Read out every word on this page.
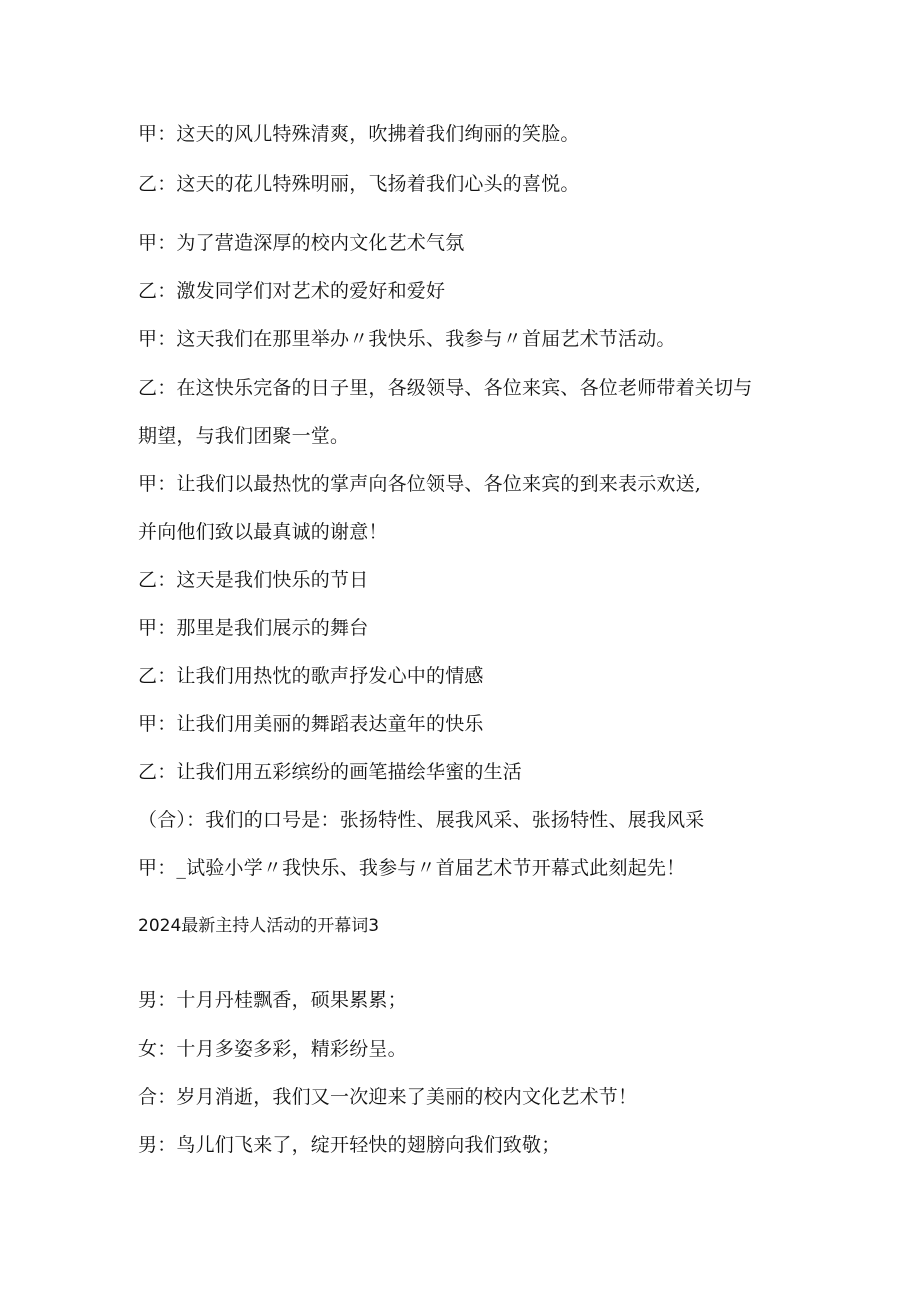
甲：这天的风儿特殊清爽，吹拂着我们绚丽的笑脸。
乙：这天的花儿特殊明丽，飞扬着我们心头的喜悦。
甲：为了营造深厚的校内文化艺术气氛
乙：激发同学们对艺术的爱好和爱好
甲：这天我们在那里举办〃我快乐、我参与〃首届艺术节活动。
乙：在这快乐完备的日子里，各级领导、各位来宾、各位老师带着关切与
期望，与我们团聚一堂。
甲：让我们以最热忱的掌声向各位领导、各位来宾的到来表示欢送,
并向他们致以最真诚的谢意！
乙：这天是我们快乐的节日
甲：那里是我们展示的舞台
乙：让我们用热忱的歌声抒发心中的情感
甲：让我们用美丽的舞蹈表达童年的快乐
乙：让我们用五彩缤纷的画笔描绘华蜜的生活
（合）：我们的口号是：张扬特性、展我风采、张扬特性、展我风采
甲：_试验小学〃我快乐、我参与〃首届艺术节开幕式此刻起先！
2024最新主持人活动的开幕词3
男：十月丹桂飘香，硕果累累；
女：十月多姿多彩，精彩纷呈。
合：岁月消逝，我们又一次迎来了美丽的校内文化艺术节！
男：鸟儿们飞来了，绽开轻快的翅膀向我们致敬；
